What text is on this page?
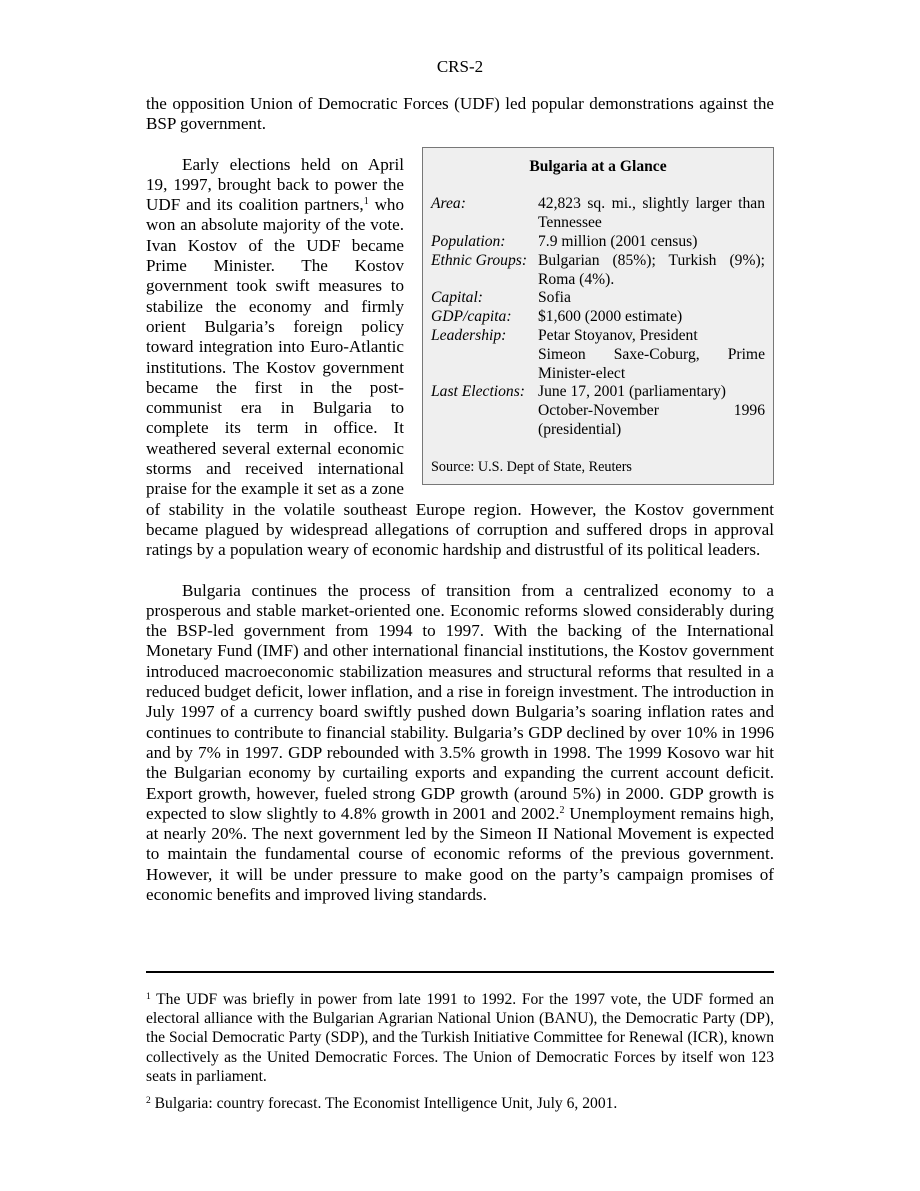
CRS-2

the opposition Union of Democratic Forces (UDF) led popular demonstrations against the BSP government.

Bulgaria at a Glance
Area:	42,823 sq. mi., slightly larger than Tennessee
Population:	7.9 million (2001 census)
Ethnic Groups: Bulgarian (85%); Turkish (9%); Roma (4%).
Capital:	Sofia
GDP/capita:	$1,600 (2000 estimate)
Leadership:	Petar Stoyanov, President
Simeon Saxe-Coburg, Prime Minister-elect
Last Elections: June 17, 2001 (parliamentary)
October-November 1996 (presidential)
Source: U.S. Dept of State, Reuters

Early elections held on April 19, 1997, brought back to power the UDF and its coalition partners,$^1$ who won an absolute majority of the vote. Ivan Kostov of the UDF became Prime Minister. The Kostov government took swift measures to stabilize the economy and firmly orient Bulgaria’s foreign policy toward integration into Euro-Atlantic institutions. The Kostov government became the first in the post-communist era in Bulgaria to complete its term in office. It weathered several external economic storms and received international praise for the example it set as a zone of stability in the volatile southeast Europe region. However, the Kostov government became plagued by widespread allegations of corruption and suffered drops in approval ratings by a population weary of economic hardship and distrustful of its political leaders.

Bulgaria continues the process of transition from a centralized economy to a prosperous and stable market-oriented one. Economic reforms slowed considerably during the BSP-led government from 1994 to 1997. With the backing of the International Monetary Fund (IMF) and other international financial institutions, the Kostov government introduced macroeconomic stabilization measures and structural reforms that resulted in a reduced budget deficit, lower inflation, and a rise in foreign investment. The introduction in July 1997 of a currency board swiftly pushed down Bulgaria’s soaring inflation rates and continues to contribute to financial stability. Bulgaria’s GDP declined by over 10% in 1996 and by 7% in 1997. GDP rebounded with 3.5% growth in 1998. The 1999 Kosovo war hit the Bulgarian economy by curtailing exports and expanding the current account deficit. Export growth, however, fueled strong GDP growth (around 5%) in 2000. GDP growth is expected to slow slightly to 4.8% growth in 2001 and 2002.$^2$ Unemployment remains high, at nearly 20%. The next government led by the Simeon II National Movement is expected to maintain the fundamental course of economic reforms of the previous government. However, it will be under pressure to make good on the party’s campaign promises of economic benefits and improved living standards.

$^1$ The UDF was briefly in power from late 1991 to 1992. For the 1997 vote, the UDF formed an electoral alliance with the Bulgarian Agrarian National Union (BANU), the Democratic Party (DP), the Social Democratic Party (SDP), and the Turkish Initiative Committee for Renewal (ICR), known collectively as the United Democratic Forces. The Union of Democratic Forces by itself won 123 seats in parliament.

$^2$ Bulgaria: country forecast. The Economist Intelligence Unit, July 6, 2001.
